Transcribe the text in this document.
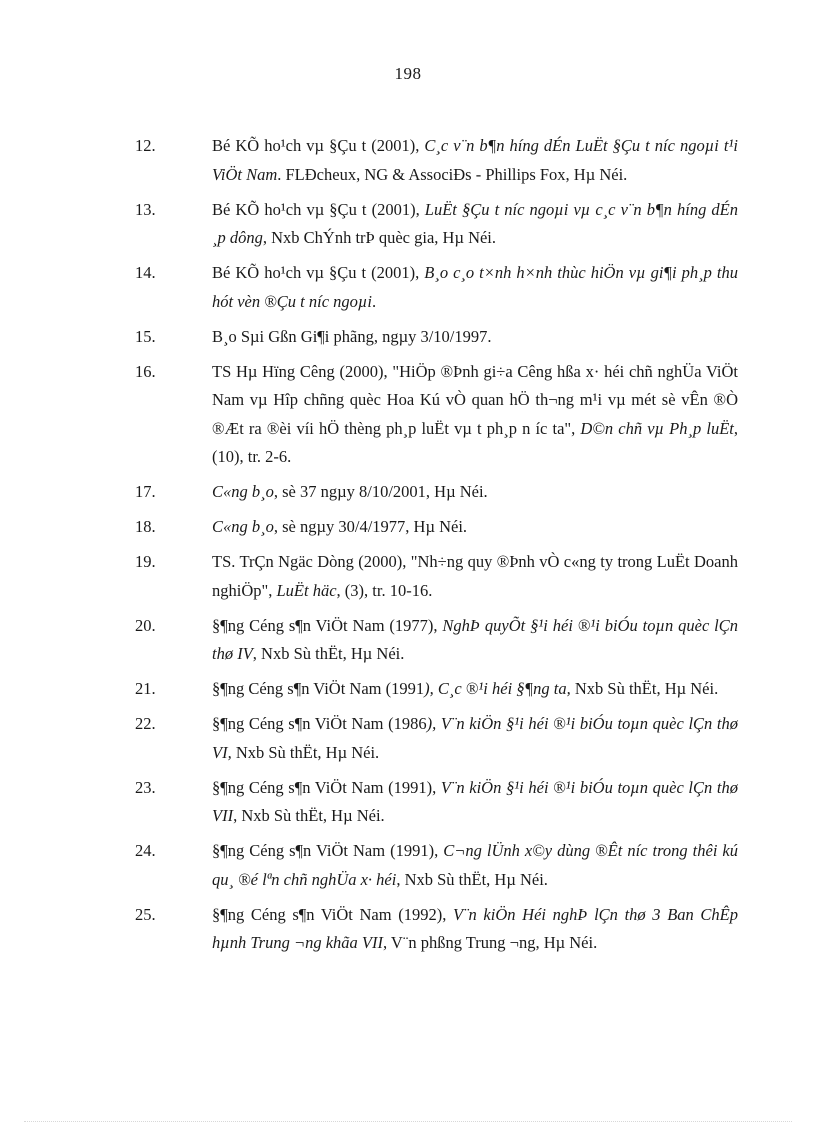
198
12.	Bé KÕ ho¹ch vµ §Çu t (2001), C¸c v¨n b¶n híng dÉn LuËt §Çu t níc ngoµi t¹i ViÖt Nam. FLÐcheux, NG & AssociÐs - Phillips Fox, Hµ Néi.
13.	Bé KÕ ho¹ch vµ §Çu t (2001), LuËt §Çu t níc ngoµi vµ c¸c v¨n b¶n híng dÉn ¸p dông, Nxb ChÝnh trÞ quèc gia, Hµ Néi.
14.	Bé KÕ ho¹ch vµ §Çu t (2001), B¸o c¸o t×nh h×nh thùc hiÖn vµ gi¶i ph¸p thu hót vèn ®Çu t níc ngoµi.
15.	B¸o Sµi Gßn Gi¶i phãng, ngµy 3/10/1997.
16.	TS Hµ Hïng Cêng (2000), "HiÖp ®Þnh gi÷a Cêng hßa x· héi chñ nghÜa ViÖt Nam vµ Hîp chñng quèc Hoa Kú vÒ quan hÖ th¬ng m¹i vµ mét sè vÊn ®Ò ®Æt ra ®èi víi hÖ thèng ph¸p luËt vµ t ph¸p n íc ta", D©n chñ vµ Ph¸p luËt, (10), tr. 2-6.
17.	C«ng b¸o, sè 37 ngµy 8/10/2001, Hµ Néi.
18.	C«ng b¸o, sè ngµy 30/4/1977, Hµ Néi.
19.	TS. TrÇn Ngäc Dòng (2000), "Nh÷ng quy ®Þnh vÒ c«ng ty trong LuËt Doanh nghiÖp", LuËt häc, (3), tr. 10-16.
20.	§¶ng Céng s¶n ViÖt Nam (1977), NghÞ quyÕt §¹i héi ®¹i biÓu toµn quèc lÇn thø IV, Nxb Sù thËt, Hµ Néi.
21.	§¶ng Céng s¶n ViÖt Nam (1991), C¸c ®¹i héi §¶ng ta, Nxb Sù thËt, Hµ Néi.
22.	§¶ng Céng s¶n ViÖt Nam (1986), V¨n kiÖn §¹i héi ®¹i biÓu toµn quèc lÇn thø VI, Nxb Sù thËt, Hµ Néi.
23.	§¶ng Céng s¶n ViÖt Nam (1991), V¨n kiÖn §¹i héi ®¹i biÓu toµn quèc lÇn thø VII, Nxb Sù thËt, Hµ Néi.
24.	§¶ng Céng s¶n ViÖt Nam (1991), C¬ng lÜnh x©y dùng ®Êt níc trong thêi kú qu¸ ®é lªn chñ nghÜa x· héi, Nxb Sù thËt, Hµ Néi.
25.	§¶ng Céng s¶n ViÖt Nam (1992), V¨n kiÖn Héi nghÞ lÇn thø 3 Ban ChÊp hµnh Trung ¬ng khãa VII, V¨n phßng Trung ¬ng, Hµ Néi.
